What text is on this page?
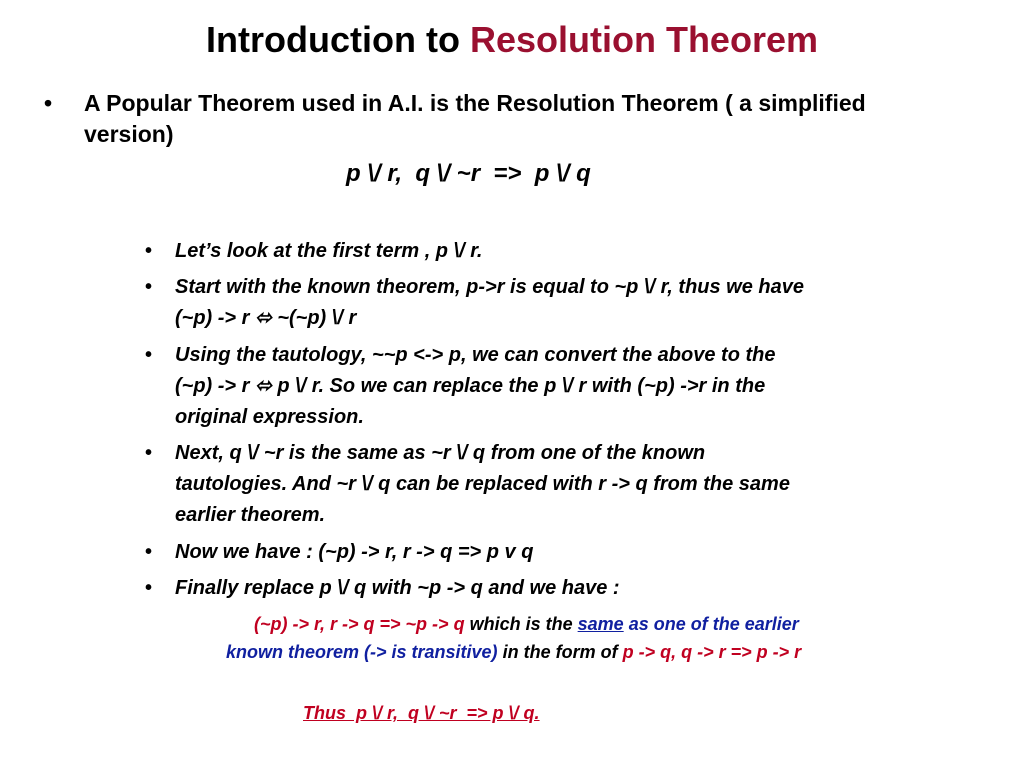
Introduction to Resolution Theorem
• A Popular Theorem used in A.I. is the Resolution Theorem ( a simplified version)
p \/ r,  q \/ ~r  =>  p \/ q
• Let’s look at the first term , p \/ r.
• Start with the known theorem, p->r is equal to ~p \/ r, thus we have
(~p) -> r ⬄ ~(~p) \/ r
• Using the tautology, ~~p <-> p, we can convert the above to the
(~p) -> r ⬄ p \/ r. So we can replace the p \/ r with (~p) ->r in the
original expression.
• Next, q \/ ~r is the same as ~r \/ q from one of the known
tautologies. And ~r \/ q can be replaced with r -> q from the same
earlier theorem.
• Now we have : (~p) -> r, r -> q => p v q
• Finally replace p \/ q with ~p -> q and we have :
(~p) -> r, r -> q => ~p -> q which is the same as one of the earlier
known theorem (-> is transitive) in the form of p -> q, q -> r => p -> r
Thus  p \/ r,  q \/ ~r  => p \/ q.
